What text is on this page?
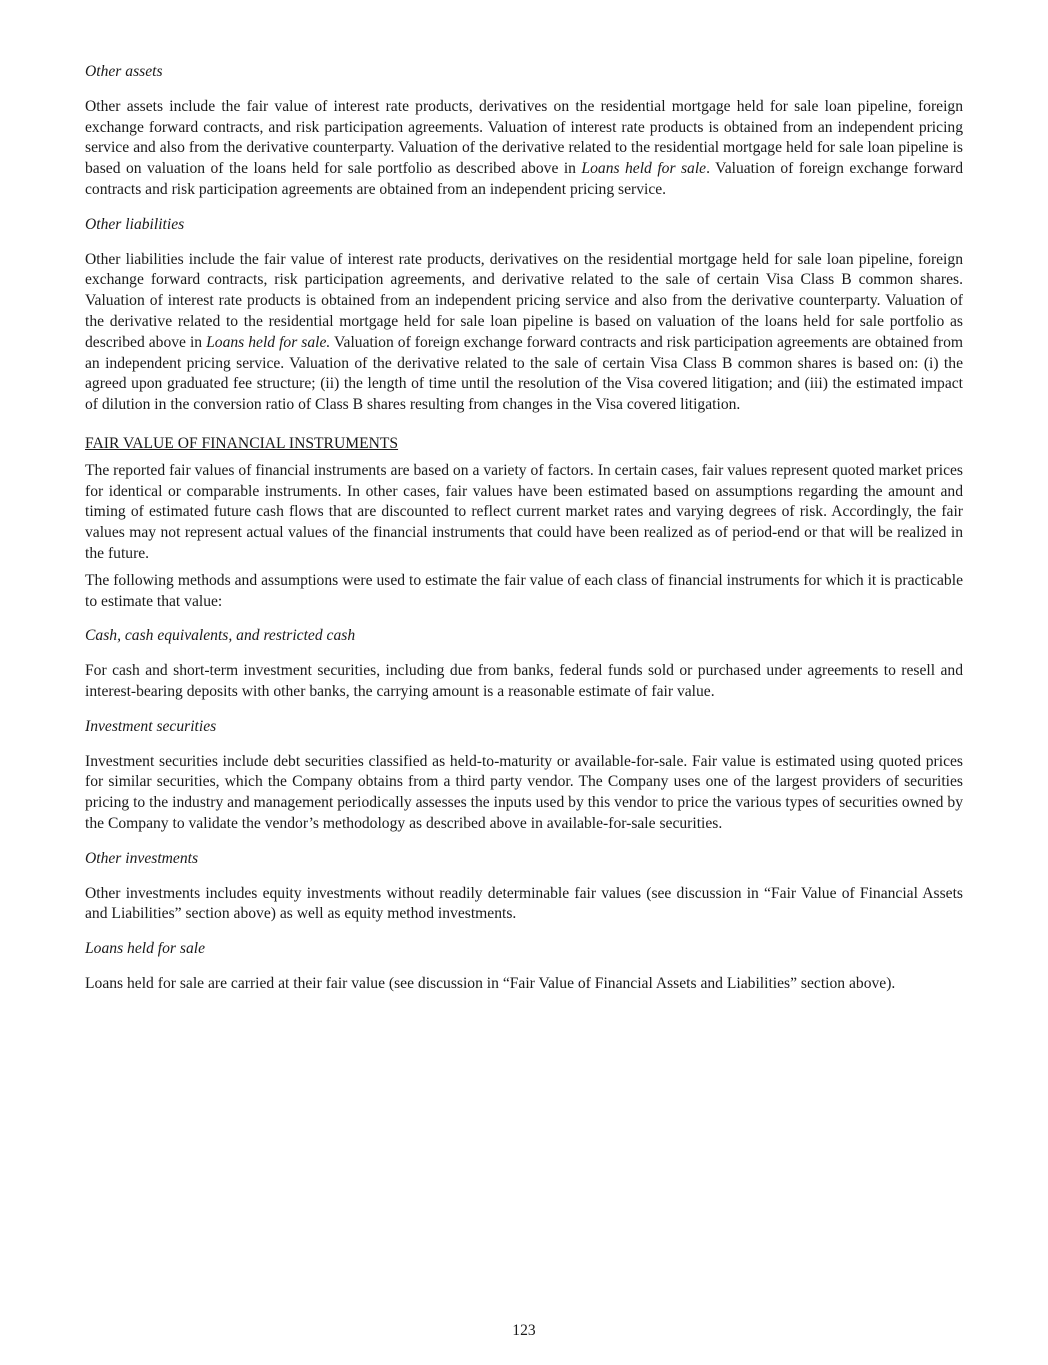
Other assets

Other assets include the fair value of interest rate products, derivatives on the residential mortgage held for sale loan pipeline, foreign exchange forward contracts, and risk participation agreements. Valuation of interest rate products is obtained from an independent pricing service and also from the derivative counterparty. Valuation of the derivative related to the residential mortgage held for sale loan pipeline is based on valuation of the loans held for sale portfolio as described above in Loans held for sale. Valuation of foreign exchange forward contracts and risk participation agreements are obtained from an independent pricing service.

Other liabilities

Other liabilities include the fair value of interest rate products, derivatives on the residential mortgage held for sale loan pipeline, foreign exchange forward contracts, risk participation agreements, and derivative related to the sale of certain Visa Class B common shares. Valuation of interest rate products is obtained from an independent pricing service and also from the derivative counterparty. Valuation of the derivative related to the residential mortgage held for sale loan pipeline is based on valuation of the loans held for sale portfolio as described above in Loans held for sale. Valuation of foreign exchange forward contracts and risk participation agreements are obtained from an independent pricing service. Valuation of the derivative related to the sale of certain Visa Class B common shares is based on: (i) the agreed upon graduated fee structure; (ii) the length of time until the resolution of the Visa covered litigation; and (iii) the estimated impact of dilution in the conversion ratio of Class B shares resulting from changes in the Visa covered litigation.

FAIR VALUE OF FINANCIAL INSTRUMENTS

The reported fair values of financial instruments are based on a variety of factors. In certain cases, fair values represent quoted market prices for identical or comparable instruments. In other cases, fair values have been estimated based on assumptions regarding the amount and timing of estimated future cash flows that are discounted to reflect current market rates and varying degrees of risk. Accordingly, the fair values may not represent actual values of the financial instruments that could have been realized as of period-end or that will be realized in the future.

The following methods and assumptions were used to estimate the fair value of each class of financial instruments for which it is practicable to estimate that value:

Cash, cash equivalents, and restricted cash

For cash and short-term investment securities, including due from banks, federal funds sold or purchased under agreements to resell and interest-bearing deposits with other banks, the carrying amount is a reasonable estimate of fair value.

Investment securities

Investment securities include debt securities classified as held-to-maturity or available-for-sale. Fair value is estimated using quoted prices for similar securities, which the Company obtains from a third party vendor. The Company uses one of the largest providers of securities pricing to the industry and management periodically assesses the inputs used by this vendor to price the various types of securities owned by the Company to validate the vendor’s methodology as described above in available-for-sale securities.

Other investments

Other investments includes equity investments without readily determinable fair values (see discussion in “Fair Value of Financial Assets and Liabilities” section above) as well as equity method investments.

Loans held for sale

Loans held for sale are carried at their fair value (see discussion in “Fair Value of Financial Assets and Liabilities” section above).

123
